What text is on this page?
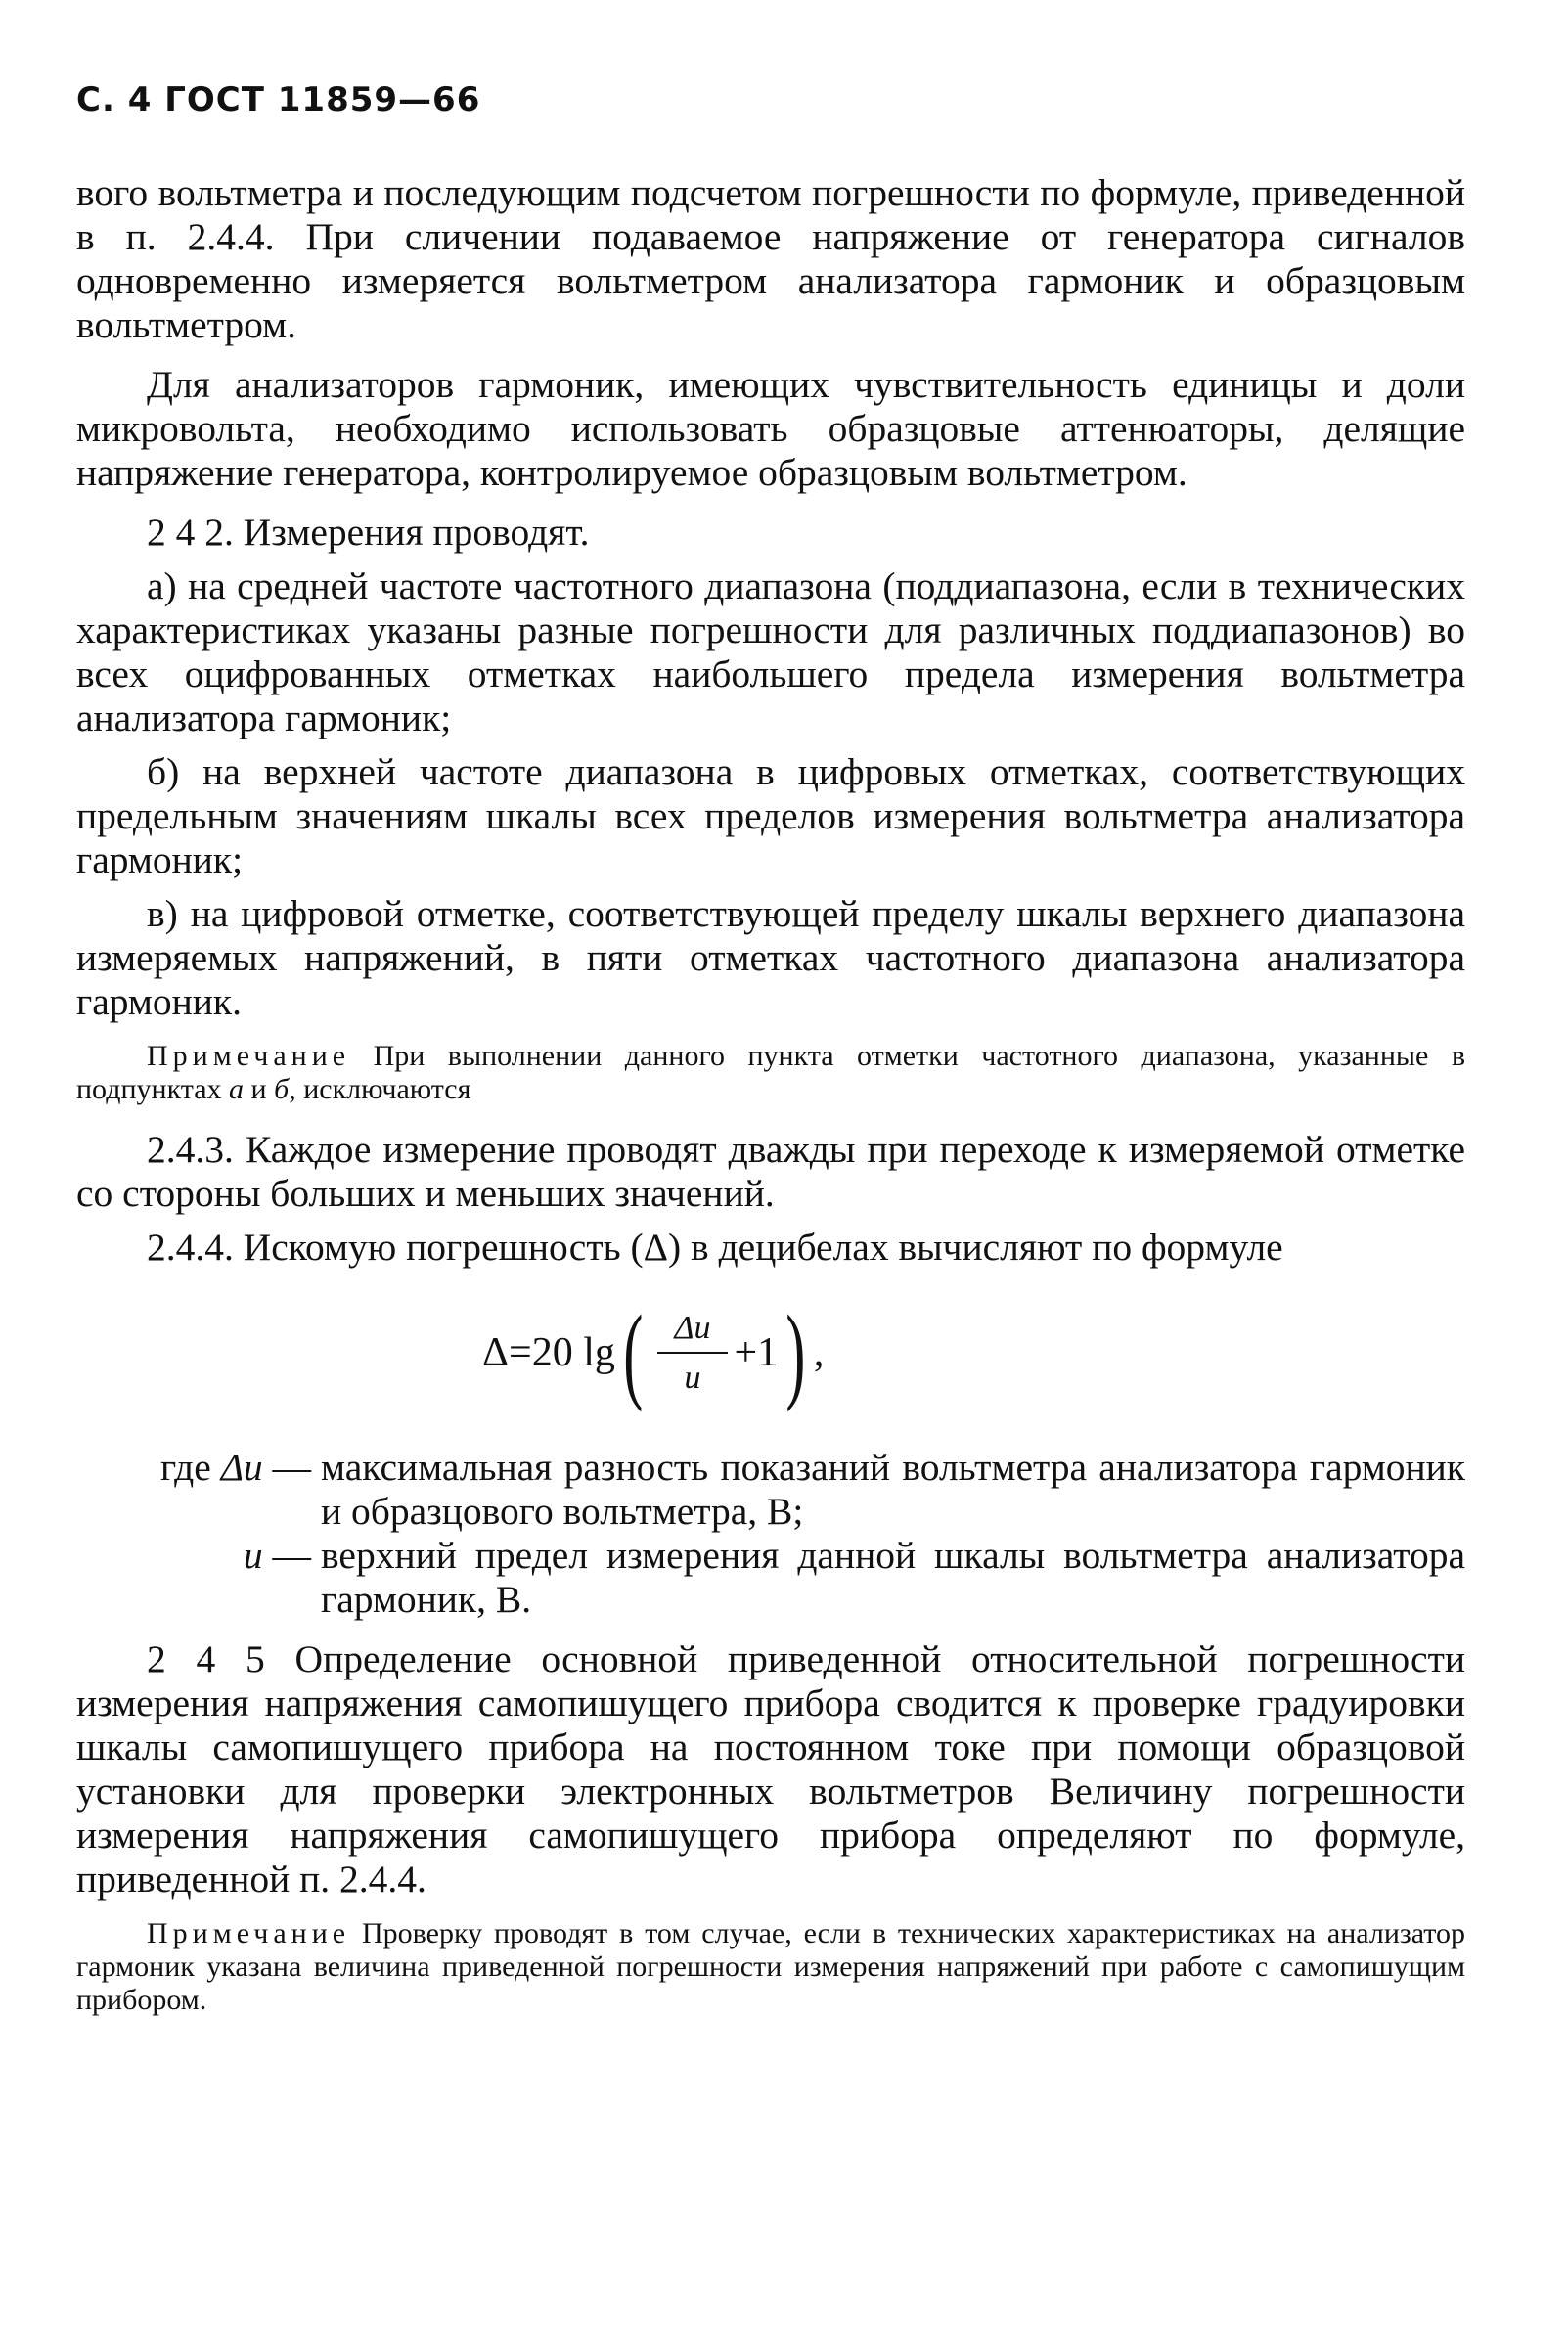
С. 4 ГОСТ 11859—66

вого вольтметра и последующим подсчетом погрешности по формуле, приведенной в п. 2.4.4. При сличении подаваемое напряжение от генератора сигналов одновременно измеряется вольтметром анализатора гармоник и образцовым вольтметром.

Для анализаторов гармоник, имеющих чувствительность единицы и доли микровольта, необходимо использовать образцовые аттенюаторы, делящие напряжение генератора, контролируемое образцовым вольтметром.

2 4 2. Измерения проводят.

а) на средней частоте частотного диапазона (поддиапазона, если в технических характеристиках указаны разные погрешности для различных поддиапазонов) во всех оцифрованных отметках наибольшего предела измерения вольтметра анализатора гармоник;

б) на верхней частоте диапазона в цифровых отметках, соответствующих предельным значениям шкалы всех пределов измерения вольтметра анализатора гармоник;

в) на цифровой отметке, соответствующей пределу шкалы верхнего диапазона измеряемых напряжений, в пяти отметках частотного диапазона анализатора гармоник.

Примечание При выполнении данного пункта отметки частотного диапазона, указанные в подпунктах а и б, исключаются

2.4.3. Каждое измерение проводят дважды при переходе к измеряемой отметке со стороны больших и меньших значений.

2.4.4. Искомую погрешность (Δ) в децибелах вычисляют по формуле

Δ = 20 lg ( $\frac{\Delta u}{u} +1$ ) ,
где Δu — максимальная разность показаний вольтметра анализатора гармоник и образцового вольтметра, В;
u — верхний предел измерения данной шкалы вольтметра анализатора гармоник, В.

2 4 5 Определение основной приведенной относительной погрешности измерения напряжения самопишущего прибора сводится к проверке градуировки шкалы самопишущего прибора на постоянном токе при помощи образцовой установки для проверки электронных вольтметров Величину погрешности измерения напряжения самопишущего прибора определяют по формуле, приведенной п. 2.4.4.

Примечание Проверку проводят в том случае, если в технических характеристиках на анализатор гармоник указана величина приведенной погрешности измерения напряжений при работе с самопишущим прибором.
